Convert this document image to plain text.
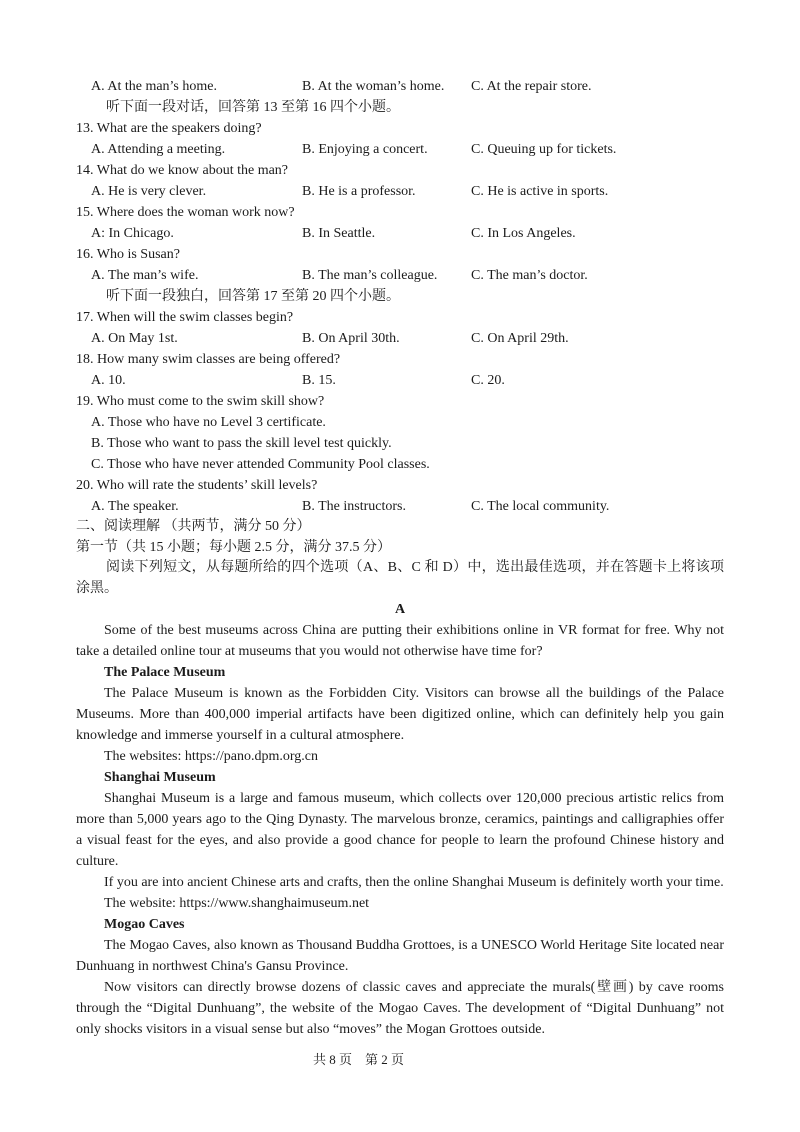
A. At the man’s home.	B. At the woman’s home. C. At the repair store.
听下面一段对话，回答第 13 至第 16 四个小题。
13. What are the speakers doing?
A. Attending a meeting.	B. Enjoying a concert.	C. Queuing up for tickets.
14. What do we know about the man?
A. He is very clever.	B. He is a professor.	C. He is active in sports.
15. Where does the woman work now?
A: In Chicago.	B. In Seattle.	C. In Los Angeles.
16. Who is Susan?
A. The man’s wife.	B. The man’s colleague. C. The man’s doctor.
听下面一段独白，回答第 17 至第 20 四个小题。
17. When will the swim classes begin?
A. On May 1st.	B. On April 30th.	C. On April 29th.
18. How many swim classes are being offered?
A. 10.	B. 15.	C. 20.
19. Who must come to the swim skill show?
A. Those who have no Level 3 certificate.
B. Those who want to pass the skill level test quickly.
C. Those who have never attended Community Pool classes.
20. Who will rate the students’ skill levels?
A. The speaker.	B. The instructors.	C. The local community.
二、阅读理解 （共两节，满分 50 分）
第一节（共 15 小题；每小题 2.5 分，满分 37.5 分）
阅读下列短文，从每题所给的四个选项（A、B、C 和 D）中，选出最佳选项，并在答题卡上将该项涂黑。
A
Some of the best museums across China are putting their exhibitions online in VR format for free. Why not take a detailed online tour at museums that you would not otherwise have time for?
The Palace Museum
The Palace Museum is known as the Forbidden City. Visitors can browse all the buildings of the Palace Museums. More than 400,000 imperial artifacts have been digitized online, which can definitely help you gain knowledge and immerse yourself in a cultural atmosphere.
The websites: https://pano.dpm.org.cn
Shanghai Museum
Shanghai Museum is a large and famous museum, which collects over 120,000 precious artistic relics from more than 5,000 years ago to the Qing Dynasty. The marvelous bronze, ceramics, paintings and calligraphies offer a visual feast for the eyes, and also provide a good chance for people to learn the profound Chinese history and culture.
If you are into ancient Chinese arts and crafts, then the online Shanghai Museum is definitely worth your time.
The website: https://www.shanghaimuseum.net
Mogao Caves
The Mogao Caves, also known as Thousand Buddha Grottoes, is a UNESCO World Heritage Site located near Dunhuang in northwest China's Gansu Province.
Now visitors can directly browse dozens of classic caves and appreciate the murals(壁画) by cave rooms through the “Digital Dunhuang”, the website of the Mogao Caves. The development of “Digital Dunhuang” not only shocks visitors in a visual sense but also “moves” the Mogan Grottoes outside.
共 8 页　第 2 页
